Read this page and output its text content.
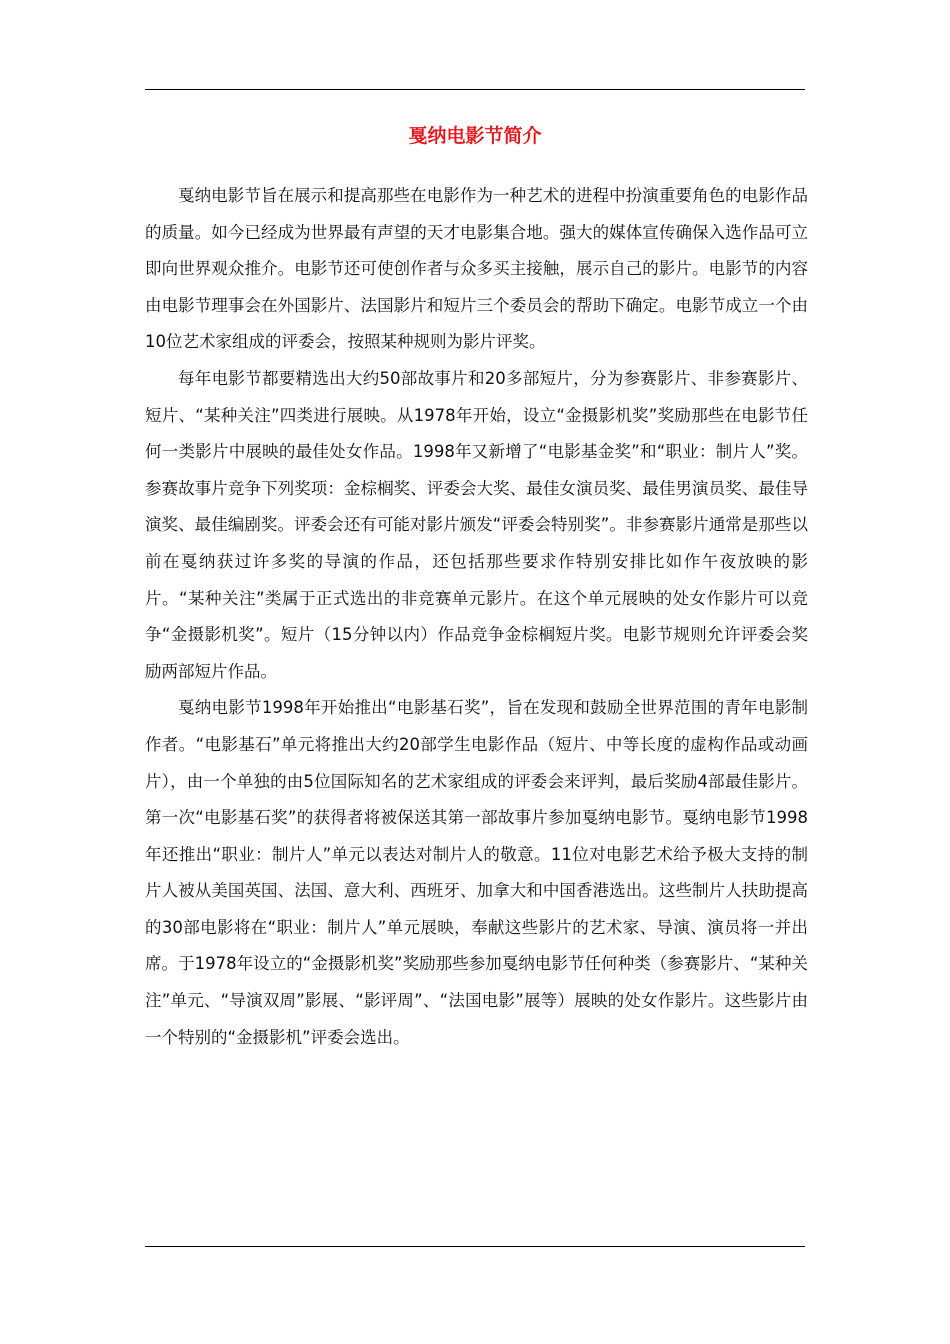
戛纳电影节简介

戛纳电影节旨在展示和提高那些在电影作为一种艺术的进程中扮演重要角色的电影作品的质量。如今已经成为世界最有声望的天才电影集合地。强大的媒体宣传确保入选作品可立即向世界观众推介。电影节还可使创作者与众多买主接触，展示自己的影片。电影节的内容由电影节理事会在外国影片、法国影片和短片三个委员会的帮助下确定。电影节成立一个由10位艺术家组成的评委会，按照某种规则为影片评奖。

每年电影节都要精选出大约50部故事片和20多部短片，分为参赛影片、非参赛影片、短片、“某种关注”四类进行展映。从1978年开始，设立“金摄影机奖”奖励那些在电影节任何一类影片中展映的最佳处女作品。1998年又新增了“电影基金奖”和“职业：制片人”奖。参赛故事片竞争下列奖项：金棕榈奖、评委会大奖、最佳女演员奖、最佳男演员奖、最佳导演奖、最佳编剧奖。评委会还有可能对影片颁发“评委会特别奖”。非参赛影片通常是那些以前在戛纳获过许多奖的导演的作品，还包括那些要求作特别安排比如作午夜放映的影片。“某种关注”类属于正式选出的非竞赛单元影片。在这个单元展映的处女作影片可以竞争“金摄影机奖”。短片（15分钟以内）作品竞争金棕榈短片奖。电影节规则允许评委会奖励两部短片作品。

戛纳电影节1998年开始推出“电影基石奖”，旨在发现和鼓励全世界范围的青年电影制作者。“电影基石”单元将推出大约20部学生电影作品（短片、中等长度的虚构作品或动画片），由一个单独的由5位国际知名的艺术家组成的评委会来评判，最后奖励4部最佳影片。第一次“电影基石奖”的获得者将被保送其第一部故事片参加戛纳电影节。戛纳电影节1998年还推出“职业：制片人”单元以表达对制片人的敬意。11位对电影艺术给予极大支持的制片人被从美国英国、法国、意大利、西班牙、加拿大和中国香港选出。这些制片人扶助提高的30部电影将在“职业：制片人”单元展映，奉献这些影片的艺术家、导演、演员将一并出席。于1978年设立的“金摄影机奖”奖励那些参加戛纳电影节任何种类（参赛影片、“某种关注”单元、“导演双周”影展、“影评周”、“法国电影”展等）展映的处女作影片。这些影片由一个特别的“金摄影机”评委会选出。
